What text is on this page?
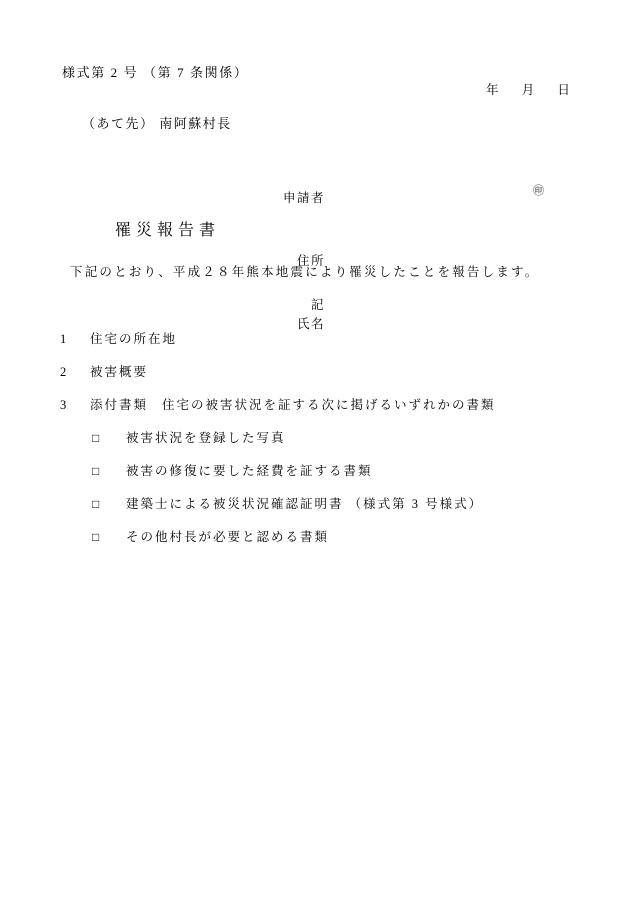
様式第 2 号 （第 7 条関係）
年 月 日
（あて先） 南阿蘇村長

申請者

住所

氏名

㊞
罹災報告書
下記のとおり、平成２８年熊本地震により罹災したことを報告します。
記
1 住宅の所在地
2 被害概要
3 添付書類 住宅の被害状況を証する次に掲げるいずれかの書類
□ 被害状況を登録した写真
□ 被害の修復に要した経費を証する書類
□ 建築士による被災状況確認証明書 （様式第 3 号様式）
□ その他村長が必要と認める書類
